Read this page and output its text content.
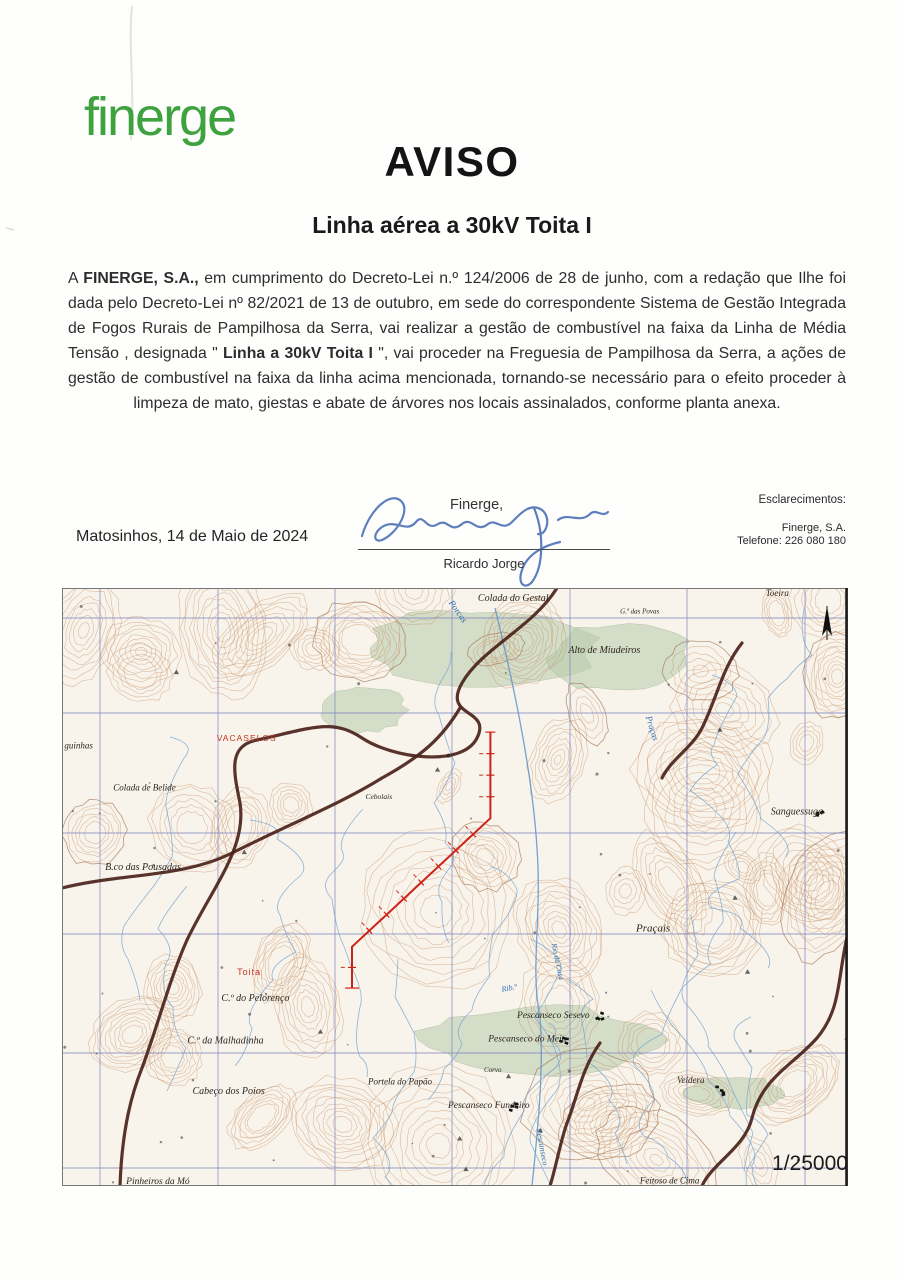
finerge
AVISO
Linha aérea a 30kV Toita I

A FINERGE, S.A., em cumprimento do Decreto-Lei n.º 124/2006 de 28 de junho, com a redação que Ilhe foi dada pelo Decreto-Lei nº 82/2021 de 13 de outubro, em sede do correspondente Sistema de Gestão Integrada de Fogos Rurais de Pampilhosa da Serra, vai realizar a gestão de combustível na faixa da Linha de Média Tensão , designada " Linha a 30kV Toita I ", vai proceder na Freguesia de Pampilhosa da Serra, a ações de gestão de combustível na faixa da linha acima mencionada, tornando-se necessário para o efeito proceder à limpeza de mato, giestas e abate de árvores nos locais assinalados, conforme planta anexa.

Matosinhos, 14 de Maio de 2024
Finerge,
Ricardo Jorge
Esclarecimentos:
Finerge, S.A.
Telefone: 226 080 180
Colada do Gestal
Porcas	G.ª das Povas
Toeira
Alto de Miudeiros
guinhas
VACASELOS	Praças
Colada de Belide
Cebolais
Sanguessuga
B.co das Pousadas
Praçais
Rio da Casa
Toita
Rib.ª
C.º do Pelorenço
Pescanseco Sesevo
C.º da Malhadinha	Pescanseco do Meio
Corvo
Veldera
Portela do Papão
Cabeço dos Poios
Pescanseco Fundeiro
Pescanseco
Feitoso de Cima
Pinheiros da Mó
1/25000
